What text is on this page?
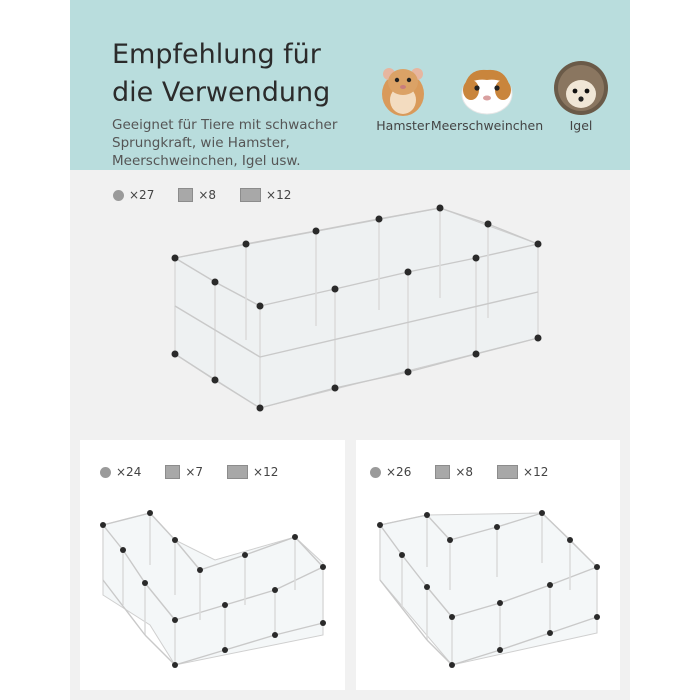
Empfehlung für
die Verwendung
Geeignet für Tiere mit schwacher
Sprungkraft, wie Hamster,
Meerschweinchen, Igel usw.
Hamster Meerschweinchen Igel
×27	×8	×12
×24	×7	×12	×26	×8	×12
